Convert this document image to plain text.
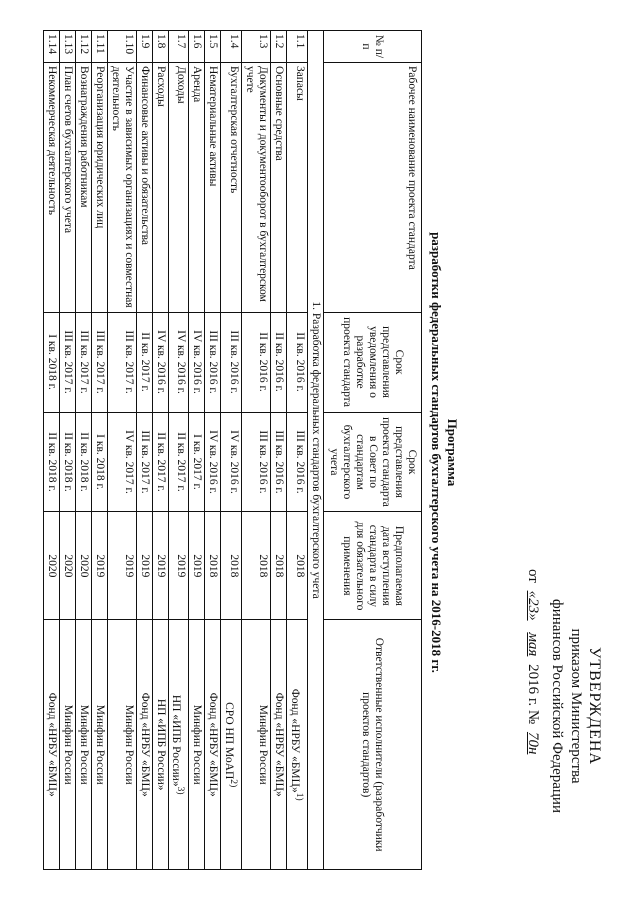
УТВЕРЖДЕНА
приказом Министерства
финансов Российской Федерации
от «23» мая 2016 г. № 70н
Программа
разработки федеральных стандартов бухгалтерского учета на 2016-2018 гг.
№ п/п	Рабочее наименование проекта стандарта	Срок представления уведомления о разработке проекта стандарта	Срок представления проекта стандарта в Совет по стандартам бухгалтерского учета	Предполагаемая дата вступления стандарта в силу для обязательного применения	Ответственные исполнители (разработчики проектов стандартов)
1. Разработка федеральных стандартов бухгалтерского учета					
1.1	Запасы	II кв. 2016 г.	III кв. 2016 г.	2018	Фонд «НРБУ «БМЦ»$^{1)}$
1.2	Основные средства	II кв. 2016 г.	III кв. 2016 г.	2018	Фонд «НРБУ «БМЦ»
1.3	Документы и документооборот в бухгалтерском учете	II кв. 2016 г.	III кв. 2016 г.	2018	Минфин России
1.4	Бухгалтерская отчетность	III кв. 2016 г.	IV кв. 2016 г.	2018	СРО НП МоАП$^{2)}$
1.5	Нематериальные активы	III кв. 2016 г.	IV кв. 2016 г.	2018	Фонд «НРБУ «БМЦ»
1.6	Аренда	IV кв. 2016 г.	I кв. 2017 г.	2019	Минфин России
1.7	Доходы	IV кв. 2016 г.	II кв. 2017 г.	2019	НП «ИПБ России»$^{3)}$
1.8	Расходы	IV кв. 2016 г.	II кв. 2017 г.	2019	НП «ИПБ России»
1.9	Финансовые активы и обязательства	II кв. 2017 г.	III кв. 2017 г.	2019	Фонд «НРБУ «БМЦ»
1.10	Участие в зависимых организациях и совместная деятельность	III кв. 2017 г.	IV кв. 2017 г.	2019	Минфин России
1.11	Реорганизация юридических лиц	III кв. 2017 г.	I кв. 2018 г.	2019	Минфин России
1.12	Вознаграждения работникам	III кв. 2017 г.	II кв. 2018 г.	2020	Минфин России
1.13	План счетов бухгалтерского учета	III кв. 2017 г.	II кв. 2018 г.	2020	Минфин России
1.14	Некоммерческая деятельность	I кв. 2018 г.	II кв. 2018 г.	2020	Фонд «НРБУ «БМЦ»
